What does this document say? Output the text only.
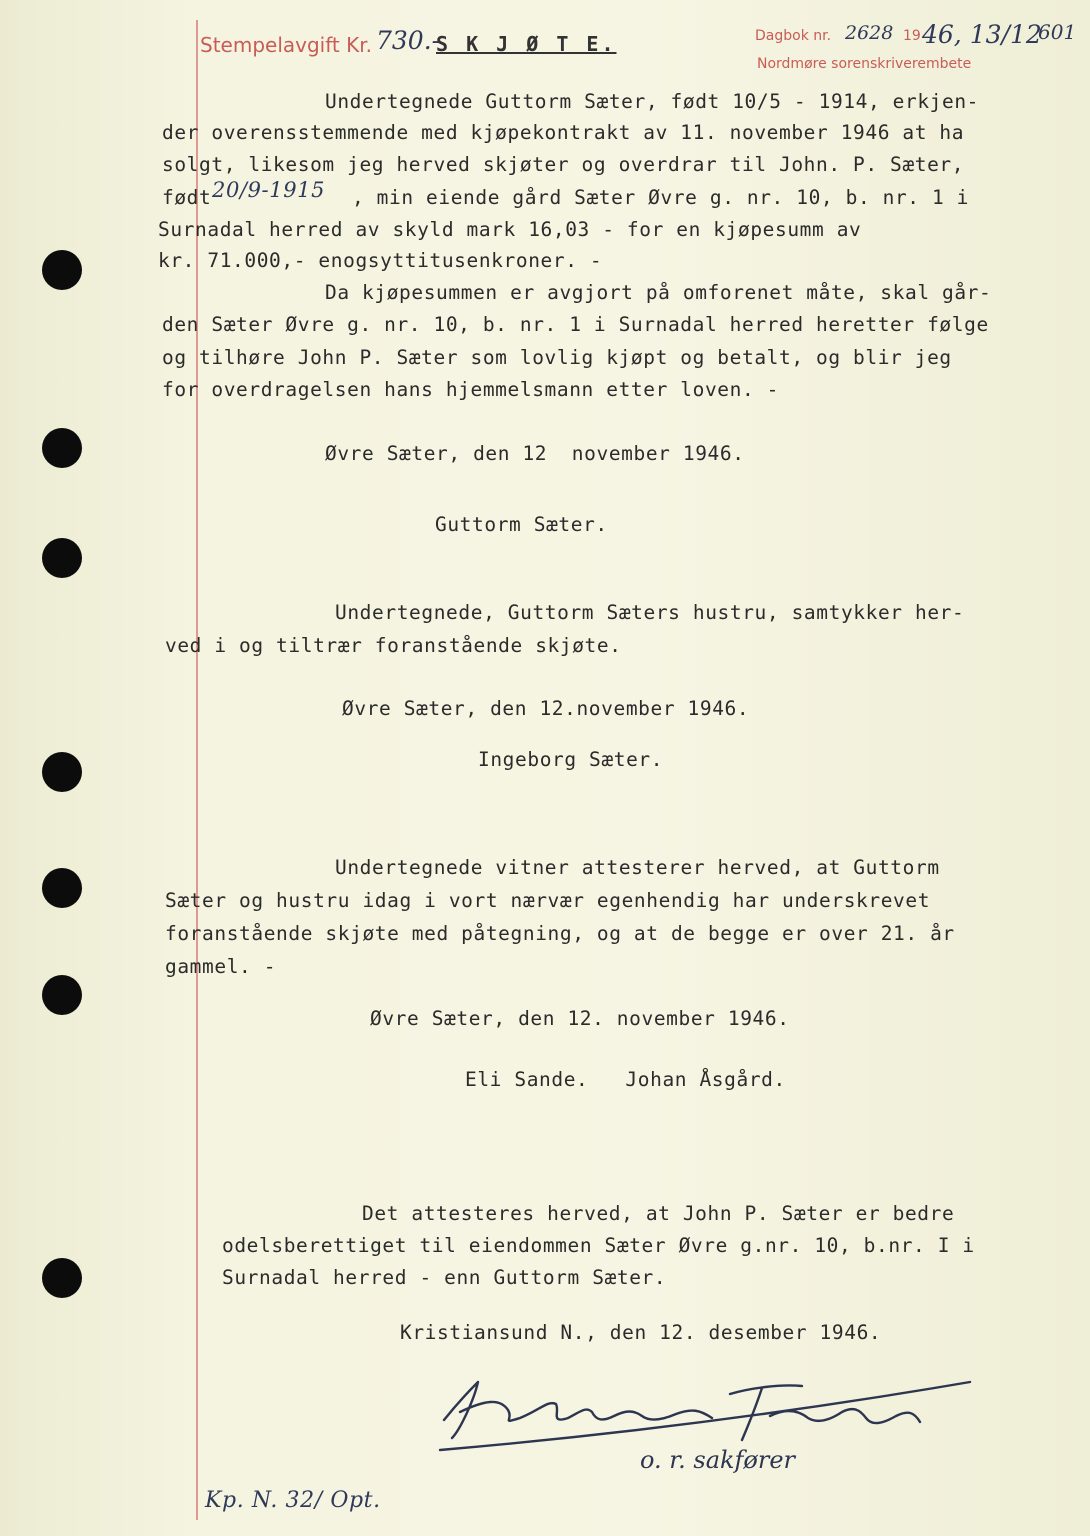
Stempelavgift Kr. 730.-
S K J Ø T E.	Dagbok nr. 2628 19 46, 13/12
601
Nordmøre sorenskriverembete
Undertegnede Guttorm Sæter, født 10/5 - 1914, erkjen-
der overensstemmende med kjøpekontrakt av 11. november 1946 at ha
solgt, likesom jeg herved skjøter og overdrar til John. P. Sæter,
født 20/9-1915 , min eiende gård Sæter Øvre g. nr. 10, b. nr. 1 i
Surnadal herred av skyld mark 16,03 - for en kjøpesumm av
kr. 71.000,- enogsyttitusenkroner. -
Da kjøpesummen er avgjort på omforenet måte, skal går-
den Sæter Øvre g. nr. 10, b. nr. 1 i Surnadal herred heretter følge
og tilhøre John P. Sæter som lovlig kjøpt og betalt, og blir jeg
for overdragelsen hans hjemmelsmann etter loven. -
Øvre Sæter, den 12  november 1946.
Guttorm Sæter.
Undertegnede, Guttorm Sæters hustru, samtykker her-
ved i og tiltrær foranstående skjøte.
Øvre Sæter, den 12.november 1946.
Ingeborg Sæter.
Undertegnede vitner attesterer herved, at Guttorm
Sæter og hustru idag i vort nærvær egenhendig har underskrevet
foranstående skjøte med påtegning, og at de begge er over 21. år
gammel. -
Øvre Sæter, den 12. november 1946.
Eli Sande.   Johan Åsgård.
Det attesteres herved, at John P. Sæter er bedre
odelsberettiget til eiendommen Sæter Øvre g.nr. 10, b.nr. I i
Surnadal herred - enn Guttorm Sæter.
Kristiansund N., den 12. desember 1946.
o. r. sakfører
Kp. N. 32/ Opt.
